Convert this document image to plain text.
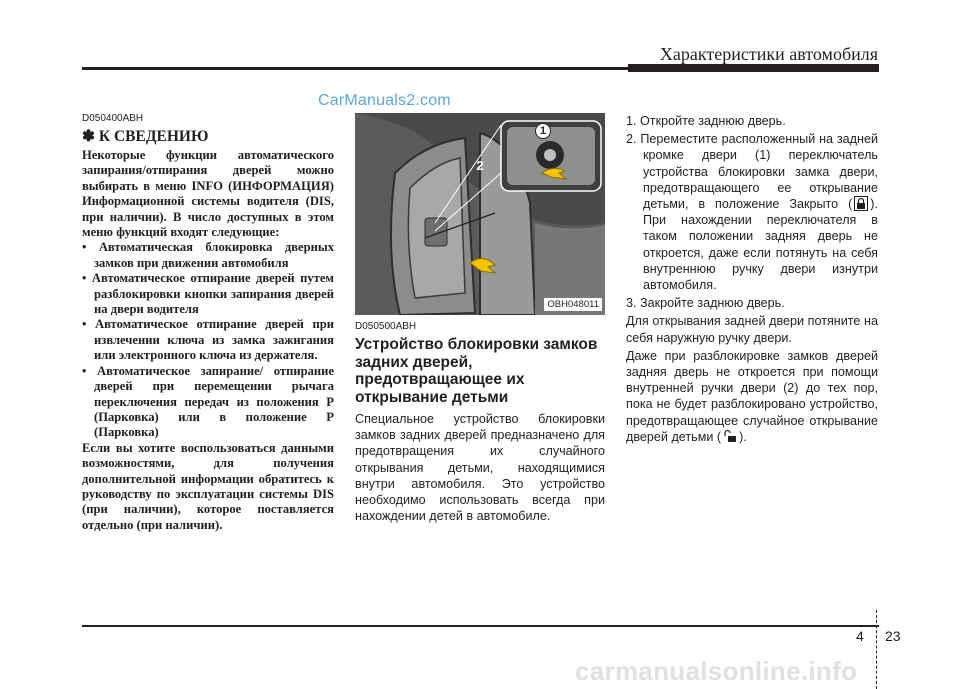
Характеристики автомобиля
CarManuals2.com
D050400ABH
✽ К СВЕДЕНИЮ

Некоторые функции автоматического запирания/отпирания дверей можно выбирать в меню INFO (ИНФОРМАЦИЯ) Информационной системы водителя (DIS, при наличии). В число доступных в этом меню функций входят следующие:

• Автоматическая блокировка дверных замков при движении автомобиля
• Автоматическое отпирание дверей путем разблокировки кнопки запирания дверей на двери водителя
• Автоматическое отпирание дверей при извлечении ключа из замка зажигания или электронного ключа из держателя.
• Автоматическое запирание/ отпирание дверей при перемещении рычага переключения передач из положения P (Парковка) или в положение P (Парковка)

Если вы хотите воспользоваться данными возможностями, для получения дополнительной информации обратитесь к руководству по эксплуатации системы DIS (при наличии), которое поставляется отдельно (при наличии).

1
2
OBH048011
D050500ABH
Устройство блокировки замков задних дверей, предотвращающее их открывание детьми

Специальное устройство блокировки замков задних дверей предназначено для предотвращения их случайного открывания детьми, находящимися внутри автомобиля. Это устройство необходимо использовать всегда при нахождении детей в автомобиле.

1. Откройте заднюю дверь.
2. Переместите расположенный на задней кромке двери (1) переключатель устройства блокировки замка двери, предотвращающего ее открывание детьми, в положение Закрыто ( ). При нахождении переключателя в таком положении задняя дверь не откроется, даже если потянуть на себя внутреннюю ручку двери изнутри автомобиля.
3. Закройте заднюю дверь.

Для открывания задней двери потяните на себя наружную ручку двери.

Даже при разблокировке замков дверей задняя дверь не откроется при помощи внутренней ручки двери (2) до тех пор, пока не будет разблокировано устройство, предотвращающее случайное открывание дверей детьми ( ).

4 23
carmanualsonline.info
